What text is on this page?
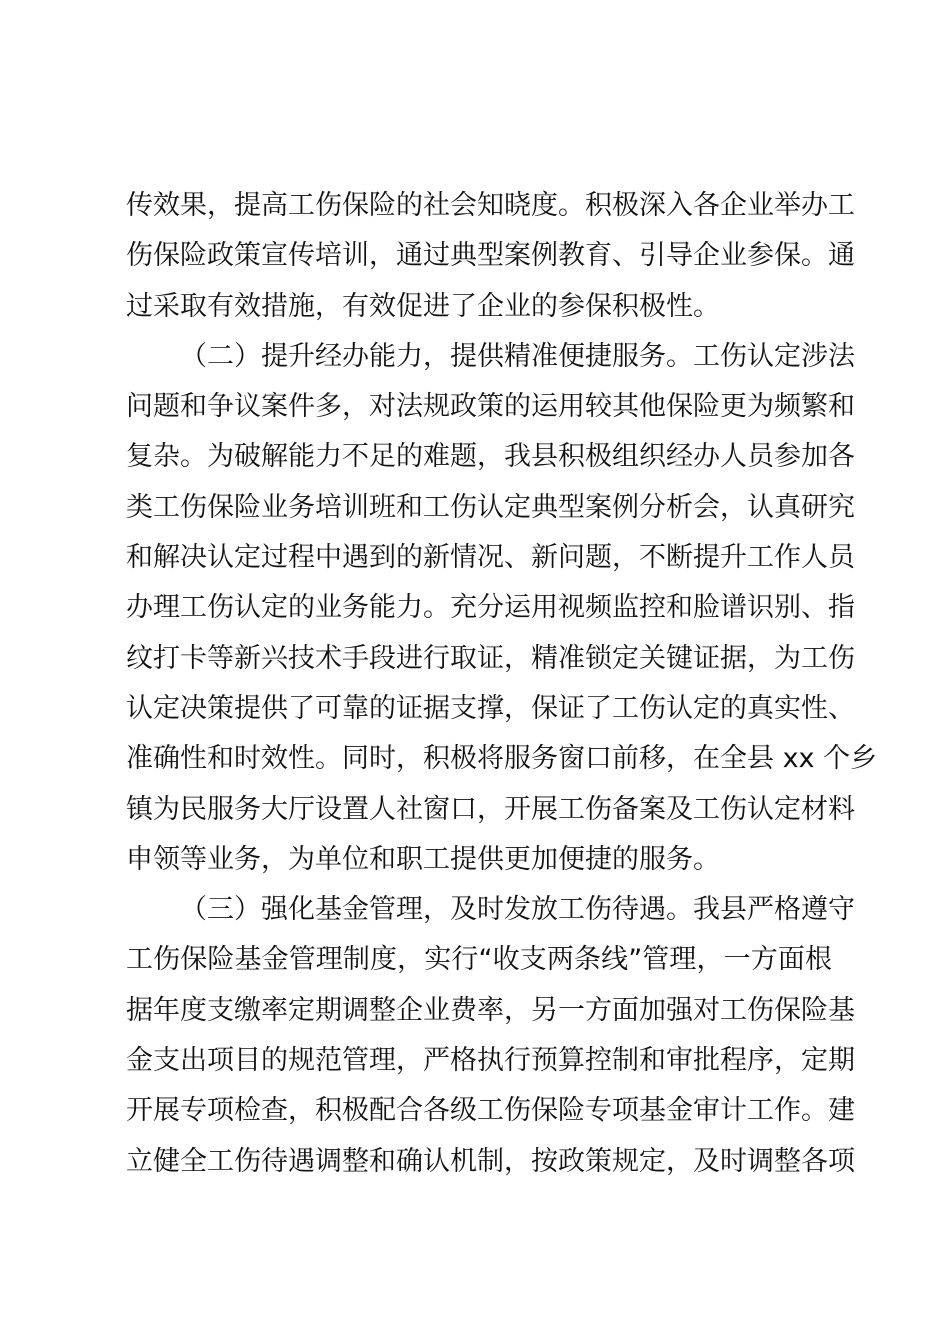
传效果，提高工伤保险的社会知晓度。积极深入各企业举办工
伤保险政策宣传培训，通过典型案例教育、引导企业参保。通
过采取有效措施，有效促进了企业的参保积极性。
（二）提升经办能力，提供精准便捷服务。工伤认定涉法
问题和争议案件多，对法规政策的运用较其他保险更为频繁和
复杂。为破解能力不足的难题，我县积极组织经办人员参加各
类工伤保险业务培训班和工伤认定典型案例分析会，认真研究
和解决认定过程中遇到的新情况、新问题，不断提升工作人员
办理工伤认定的业务能力。充分运用视频监控和脸谱识别、指
纹打卡等新兴技术手段进行取证，精准锁定关键证据，为工伤
认定决策提供了可靠的证据支撑，保证了工伤认定的真实性、
准确性和时效性。同时，积极将服务窗口前移，在全县 xx 个乡
镇为民服务大厅设置人社窗口，开展工伤备案及工伤认定材料
申领等业务，为单位和职工提供更加便捷的服务。
（三）强化基金管理，及时发放工伤待遇。我县严格遵守
工伤保险基金管理制度，实行“收支两条线”管理，一方面根
据年度支缴率定期调整企业费率，另一方面加强对工伤保险基
金支出项目的规范管理，严格执行预算控制和审批程序，定期
开展专项检查，积极配合各级工伤保险专项基金审计工作。建
立健全工伤待遇调整和确认机制，按政策规定，及时调整各项
